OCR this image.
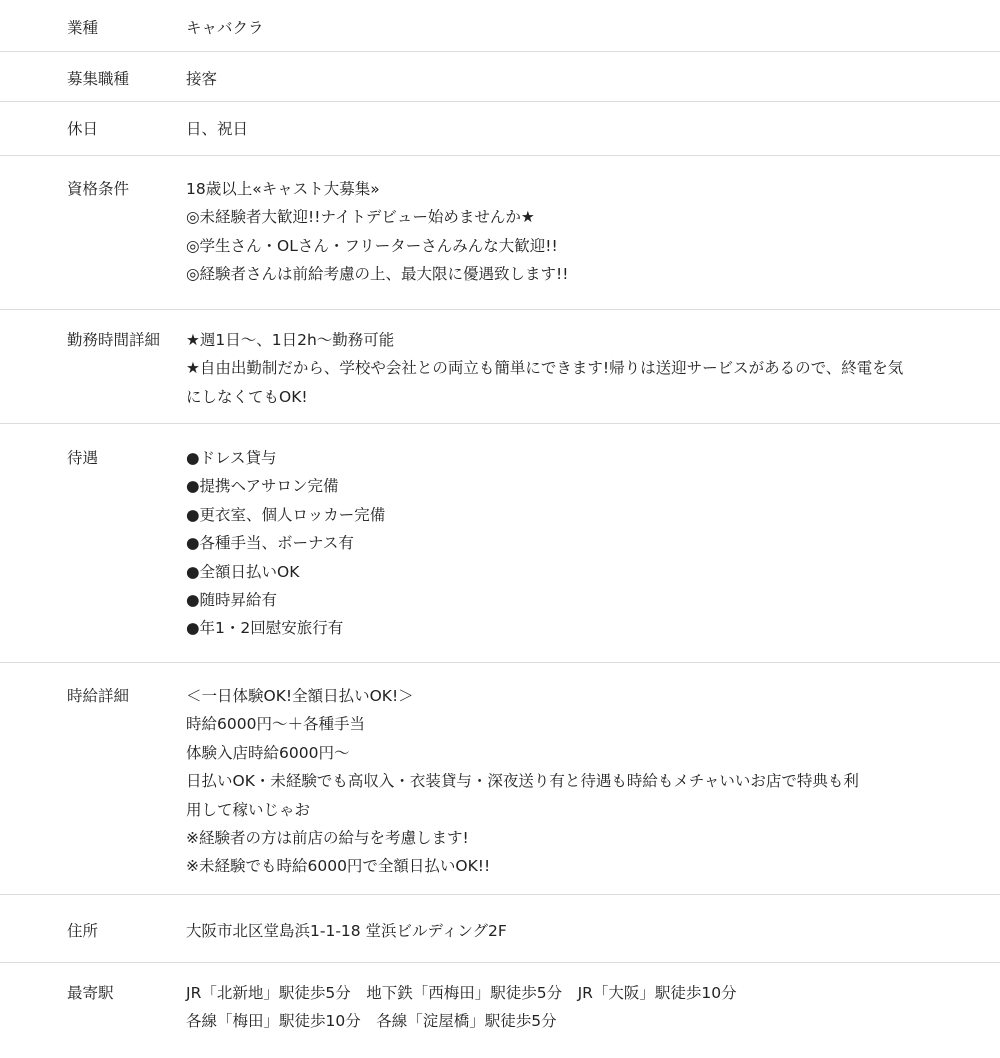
業種	キャバクラ
募集職種	接客
休日	日、祝日
資格条件	18歳以上«キャスト大募集»
◎未経験者大歓迎!!ナイトデビュー始めませんか★
◎学生さん・OLさん・フリーターさんみんな大歓迎!!
◎経験者さんは前給考慮の上、最大限に優遇致します!!
勤務時間詳細 ★週1日〜、1日2h〜勤務可能
★自由出勤制だから、学校や会社との両立も簡単にできます!帰りは送迎サービスがあるので、終電を気
にしなくてもOK!
待遇	●ドレス貸与
●提携ヘアサロン完備
●更衣室、個人ロッカー完備
●各種手当、ボーナス有
●全額日払いOK
●随時昇給有
●年1・2回慰安旅行有
時給詳細	＜一日体験OK!全額日払いOK!＞
時給6000円〜＋各種手当
体験入店時給6000円〜
日払いOK・未経験でも高収入・衣装貸与・深夜送り有と待遇も時給もメチャいいお店で特典も利
用して稼いじゃお
※経験者の方は前店の給与を考慮します!
※未経験でも時給6000円で全額日払いOK!!
住所	大阪市北区堂島浜1-1-18 堂浜ビルディング2F
最寄駅	JR「北新地」駅徒歩5分　地下鉄「西梅田」駅徒歩5分　JR「大阪」駅徒歩10分
各線「梅田」駅徒歩10分　各線「淀屋橋」駅徒歩5分
